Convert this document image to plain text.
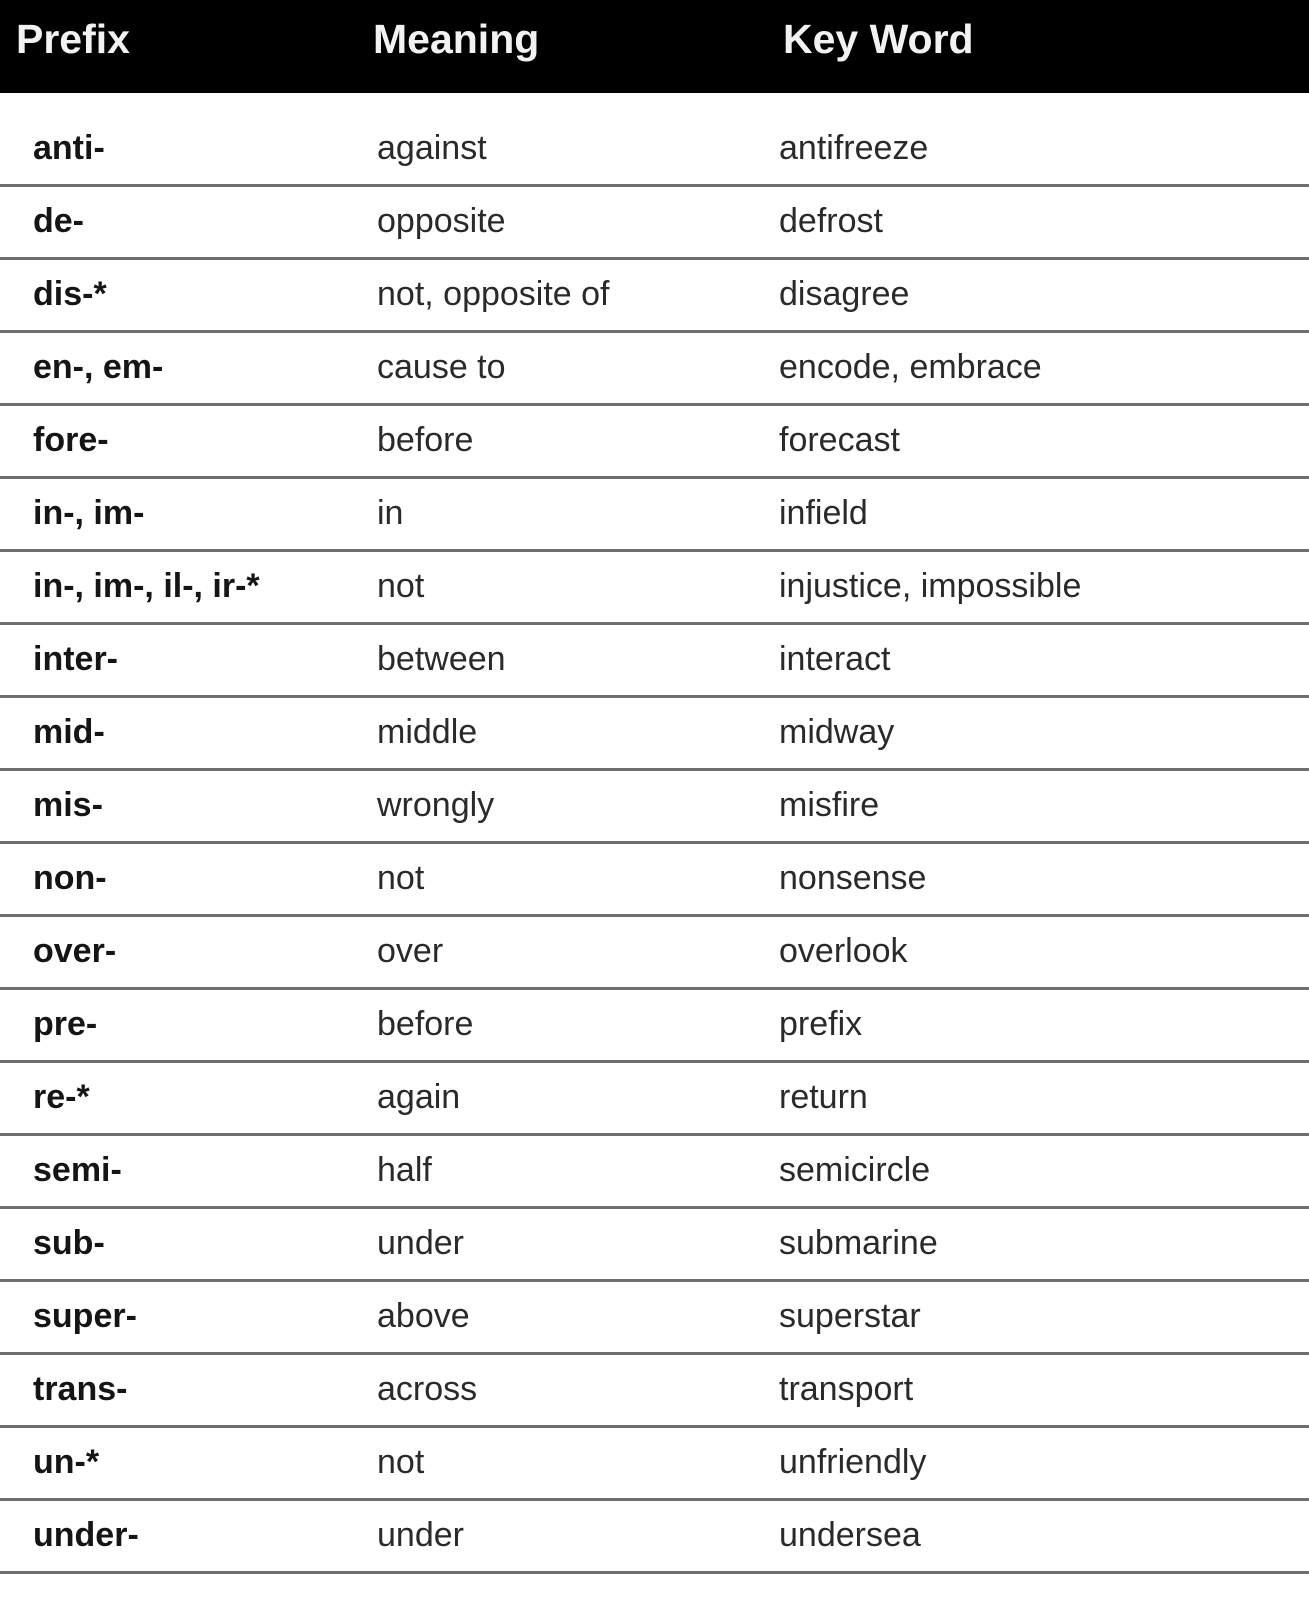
Prefix	Meaning	Key Word
anti-	against	antifreeze
de-	opposite	defrost
dis-*	not, opposite of	disagree
en-, em-	cause to	encode, embrace
fore-	before	forecast
in-, im-	in	infield
in-, im-, il-, ir-*	not	injustice, impossible
inter-	between	interact
mid-	middle	midway
mis-	wrongly	misfire
non-	not	nonsense
over-	over	overlook
pre-	before	prefix
re-*	again	return
semi-	half	semicircle
sub-	under	submarine
super-	above	superstar
trans-	across	transport
un-*	not	unfriendly
under-	under	undersea
